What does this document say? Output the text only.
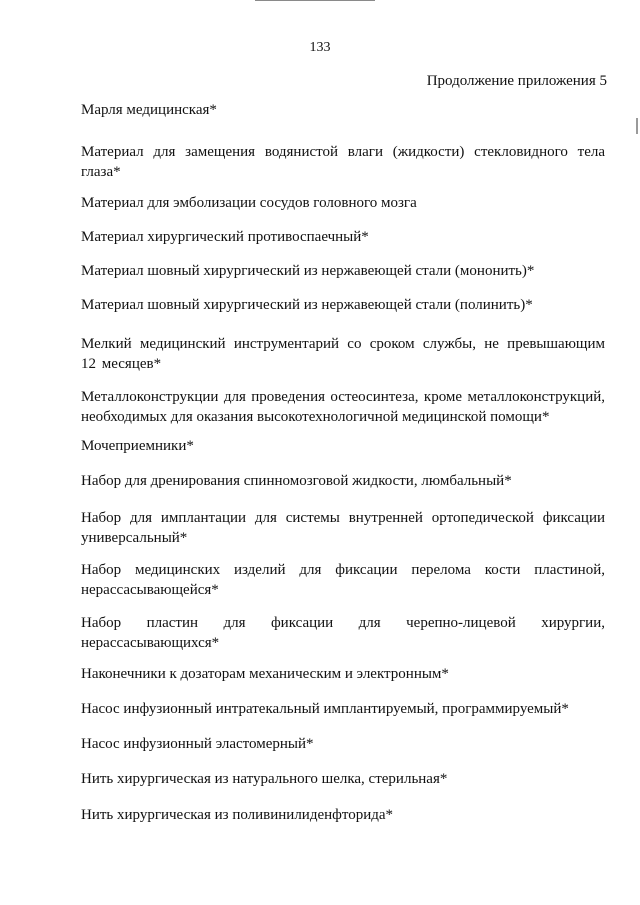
133
Продолжение приложения 5
Марля медицинская*
Материал для замещения водянистой влаги (жидкости) стекловидного тела глаза*
Материал для эмболизации сосудов головного мозга
Материал хирургический противоспаечный*
Материал шовный хирургический из нержавеющей стали (мононить)*
Материал шовный хирургический из нержавеющей стали (полинить)*
Мелкий медицинский инструментарий со сроком службы, не превышающим 12 месяцев*
Металлоконструкции для проведения остеосинтеза, кроме металлоконструкций, необходимых для оказания высокотехнологичной медицинской помощи*
Мочеприемники*
Набор для дренирования спинномозговой жидкости, люмбальный*
Набор для имплантации для системы внутренней ортопедической фиксации универсальный*
Набор медицинских изделий для фиксации перелома кости пластиной, нерассасывающейся*
Набор пластин для фиксации для черепно-лицевой хирургии, нерассасывающихся*
Наконечники к дозаторам механическим и электронным*
Насос инфузионный интратекальный имплантируемый, программируемый*
Насос инфузионный эластомерный*
Нить хирургическая из натурального шелка, стерильная*
Нить хирургическая из поливинилиденфторида*
